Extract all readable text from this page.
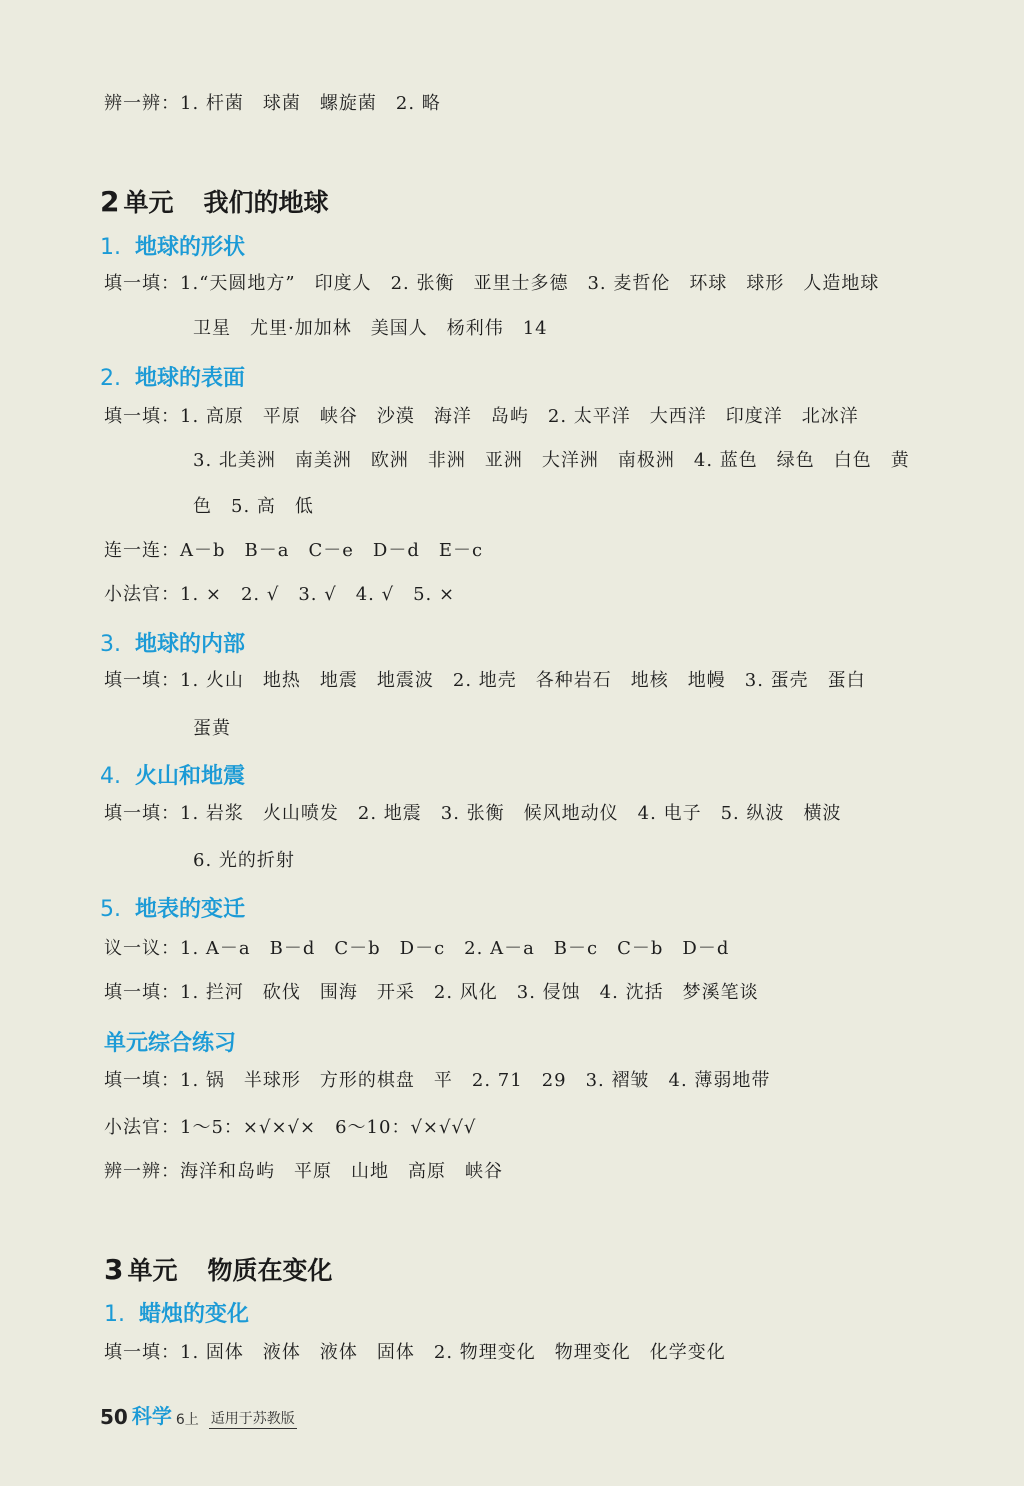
辨一辨：1. 杆菌　球菌　螺旋菌　2. 略
2 单元 我们的地球
1. 地球的形状
填一填：1.“天圆地方”　印度人　2. 张衡　亚里士多德　3. 麦哲伦　环球　球形　人造地球
卫星　尤里·加加林　美国人　杨利伟　14
2. 地球的表面
填一填：1. 高原　平原　峡谷　沙漠　海洋　岛屿　2. 太平洋　大西洋　印度洋　北冰洋
3. 北美洲　南美洲　欧洲　非洲　亚洲　大洋洲　南极洲　4. 蓝色　绿色　白色　黄
色　5. 高　低
连一连：A－b　B－a　C－e　D－d　E－c
小法官：1. ×　2. √　3. √　4. √　5. ×
3. 地球的内部
填一填：1. 火山　地热　地震　地震波　2. 地壳　各种岩石　地核　地幔　3. 蛋壳　蛋白
蛋黄
4. 火山和地震
填一填：1. 岩浆　火山喷发　2. 地震　3. 张衡　候风地动仪　4. 电子　5. 纵波　横波
6. 光的折射
5. 地表的变迁
议一议：1. A－a　B－d　C－b　D－c　2. A－a　B－c　C－b　D－d
填一填：1. 拦河　砍伐　围海　开采　2. 风化　3. 侵蚀　4. 沈括　梦溪笔谈
单元综合练习
填一填：1. 锅　半球形　方形的棋盘　平　2. 71　29　3. 褶皱　4. 薄弱地带
小法官：1～5：×√×√×　6～10：√×√√√
辨一辨：海洋和岛屿　平原　山地　高原　峡谷
3 单元 物质在变化
1. 蜡烛的变化
填一填：1. 固体　液体　液体　固体　2. 物理变化　物理变化　化学变化
50 科学 6上 适用于苏教版
